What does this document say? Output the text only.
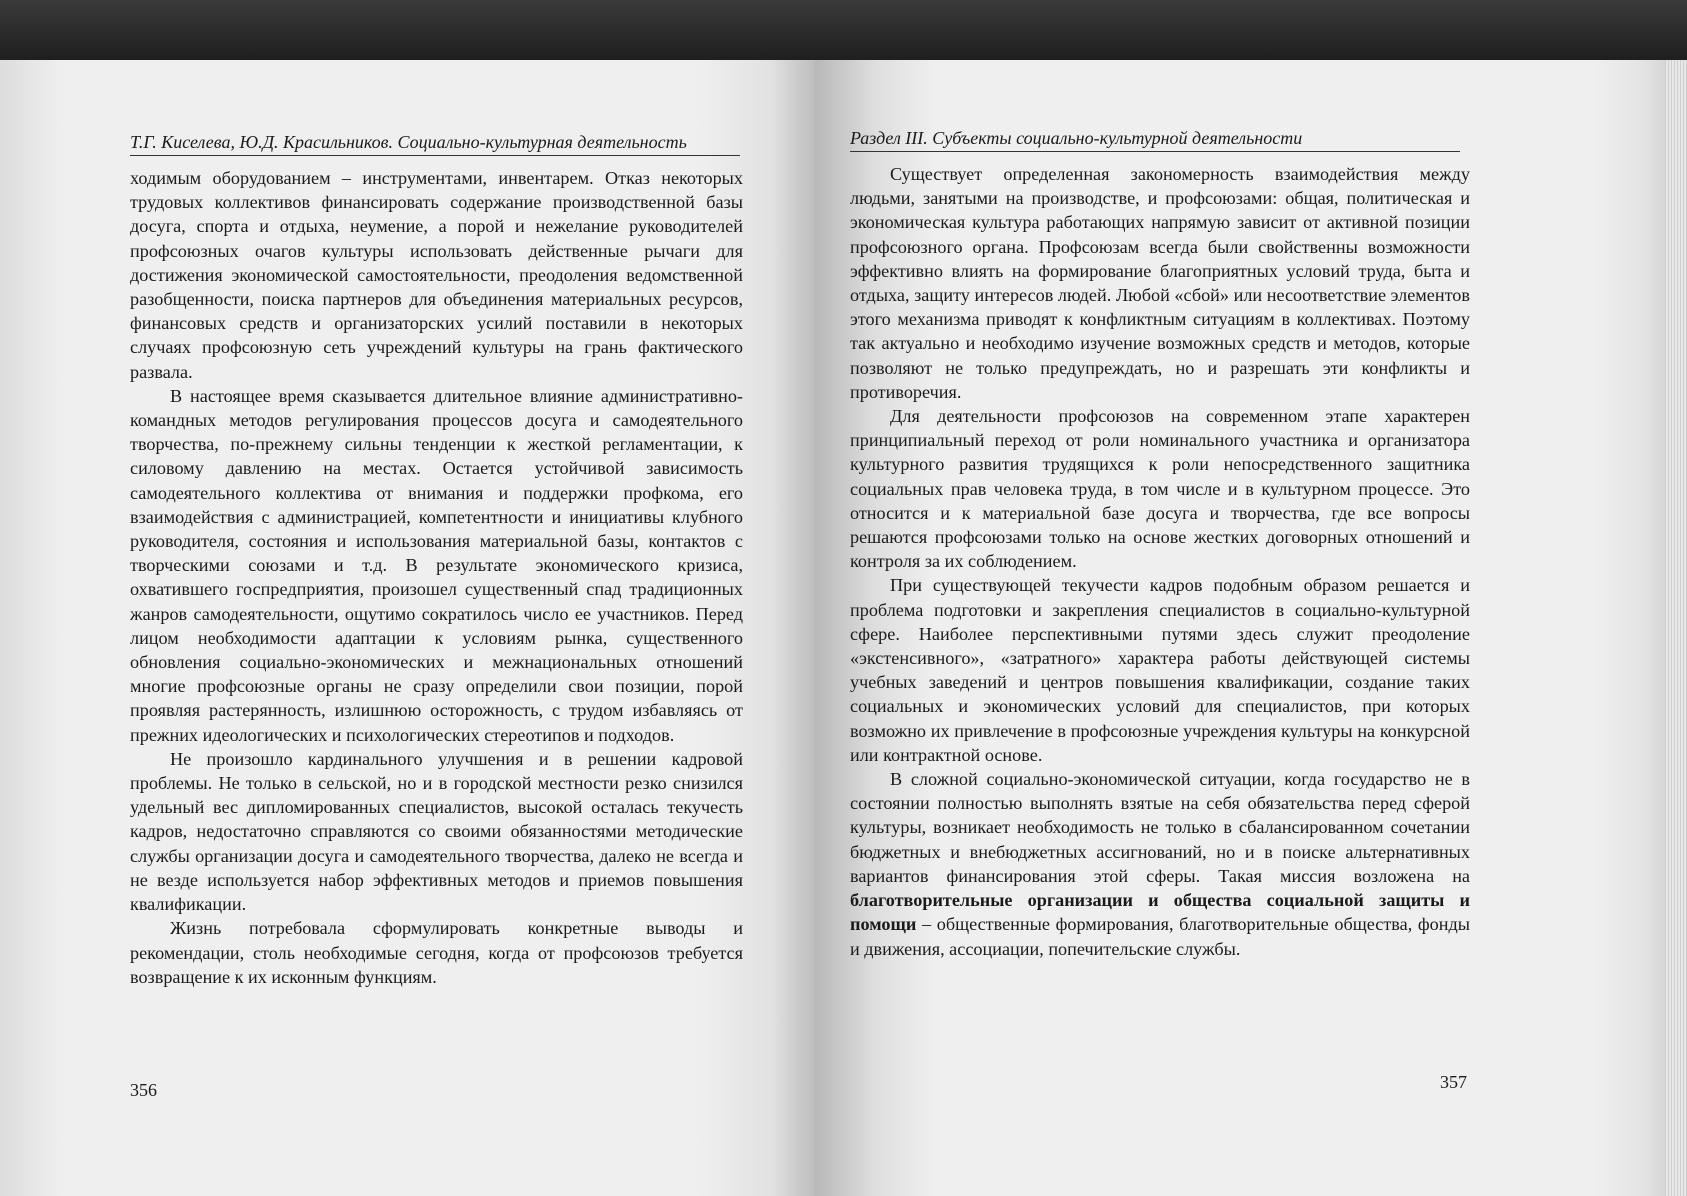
Т.Г. Киселева, Ю.Д. Красильников. Социально-культурная деятельность

ходимым оборудованием – инструментами, инвентарем. Отказ некоторых трудовых коллективов финансировать содержание производственной базы досуга, спорта и отдыха, неумение, а порой и нежелание руководителей профсоюзных очагов культуры использовать действенные рычаги для достижения экономической самостоятельности, преодоления ведомственной разобщенности, поиска партнеров для объединения материальных ресурсов, финансовых средств и организаторских усилий поставили в некоторых случаях профсоюзную сеть учреждений культуры на грань фактического развала.

В настоящее время сказывается длительное влияние административно-командных методов регулирования процессов досуга и самодеятельного творчества, по-прежнему сильны тенденции к жесткой регламентации, к силовому давлению на местах. Остается устойчивой зависимость самодеятельного коллектива от внимания и поддержки профкома, его взаимодействия с администрацией, компетентности и инициативы клубного руководителя, состояния и использования материальной базы, контактов с творческими союзами и т.д. В результате экономического кризиса, охватившего госпредприятия, произошел существенный спад традиционных жанров самодеятельности, ощутимо сократилось число ее участников. Перед лицом необходимости адаптации к условиям рынка, существенного обновления социально-экономических и межнациональных отношений многие профсоюзные органы не сразу определили свои позиции, порой проявляя растерянность, излишнюю осторожность, с трудом избавляясь от прежних идеологических и психологических стереотипов и подходов.

Не произошло кардинального улучшения и в решении кадровой проблемы. Не только в сельской, но и в городской местности резко снизился удельный вес дипломированных специалистов, высокой осталась текучесть кадров, недостаточно справляются со своими обязанностями методические службы организации досуга и самодеятельного творчества, далеко не всегда и не везде используется набор эффективных методов и приемов повышения квалификации.

Жизнь потребовала сформулировать конкретные выводы и рекомендации, столь необходимые сегодня, когда от профсоюзов требуется возвращение к их исконным функциям.

356
Раздел III. Субъекты социально-культурной деятельности

Существует определенная закономерность взаимодействия между людьми, занятыми на производстве, и профсоюзами: общая, политическая и экономическая культура работающих напрямую зависит от активной позиции профсоюзного органа. Профсоюзам всегда были свойственны возможности эффективно влиять на формирование благоприятных условий труда, быта и отдыха, защиту интересов людей. Любой «сбой» или несоответствие элементов этого механизма приводят к конфликтным ситуациям в коллективах. Поэтому так актуально и необходимо изучение возможных средств и методов, которые позволяют не только предупреждать, но и разрешать эти конфликты и противоречия.

Для деятельности профсоюзов на современном этапе характерен принципиальный переход от роли номинального участника и организатора культурного развития трудящихся к роли непосредственного защитника социальных прав человека труда, в том числе и в культурном процессе. Это относится и к материальной базе досуга и творчества, где все вопросы решаются профсоюзами только на основе жестких договорных отношений и контроля за их соблюдением.

При существующей текучести кадров подобным образом решается и проблема подготовки и закрепления специалистов в социально-культурной сфере. Наиболее перспективными путями здесь служит преодоление «экстенсивного», «затратного» характера работы действующей системы учебных заведений и центров повышения квалификации, создание таких социальных и экономических условий для специалистов, при которых возможно их привлечение в профсоюзные учреждения культуры на конкурсной или контрактной основе.

В сложной социально-экономической ситуации, когда государство не в состоянии полностью выполнять взятые на себя обязательства перед сферой культуры, возникает необходимость не только в сбалансированном сочетании бюджетных и внебюджетных ассигнований, но и в поиске альтернативных вариантов финансирования этой сферы. Такая миссия возложена на благотворительные организации и общества социальной защиты и помощи – общественные формирования, благотворительные общества, фонды и движения, ассоциации, попечительские службы.

357
